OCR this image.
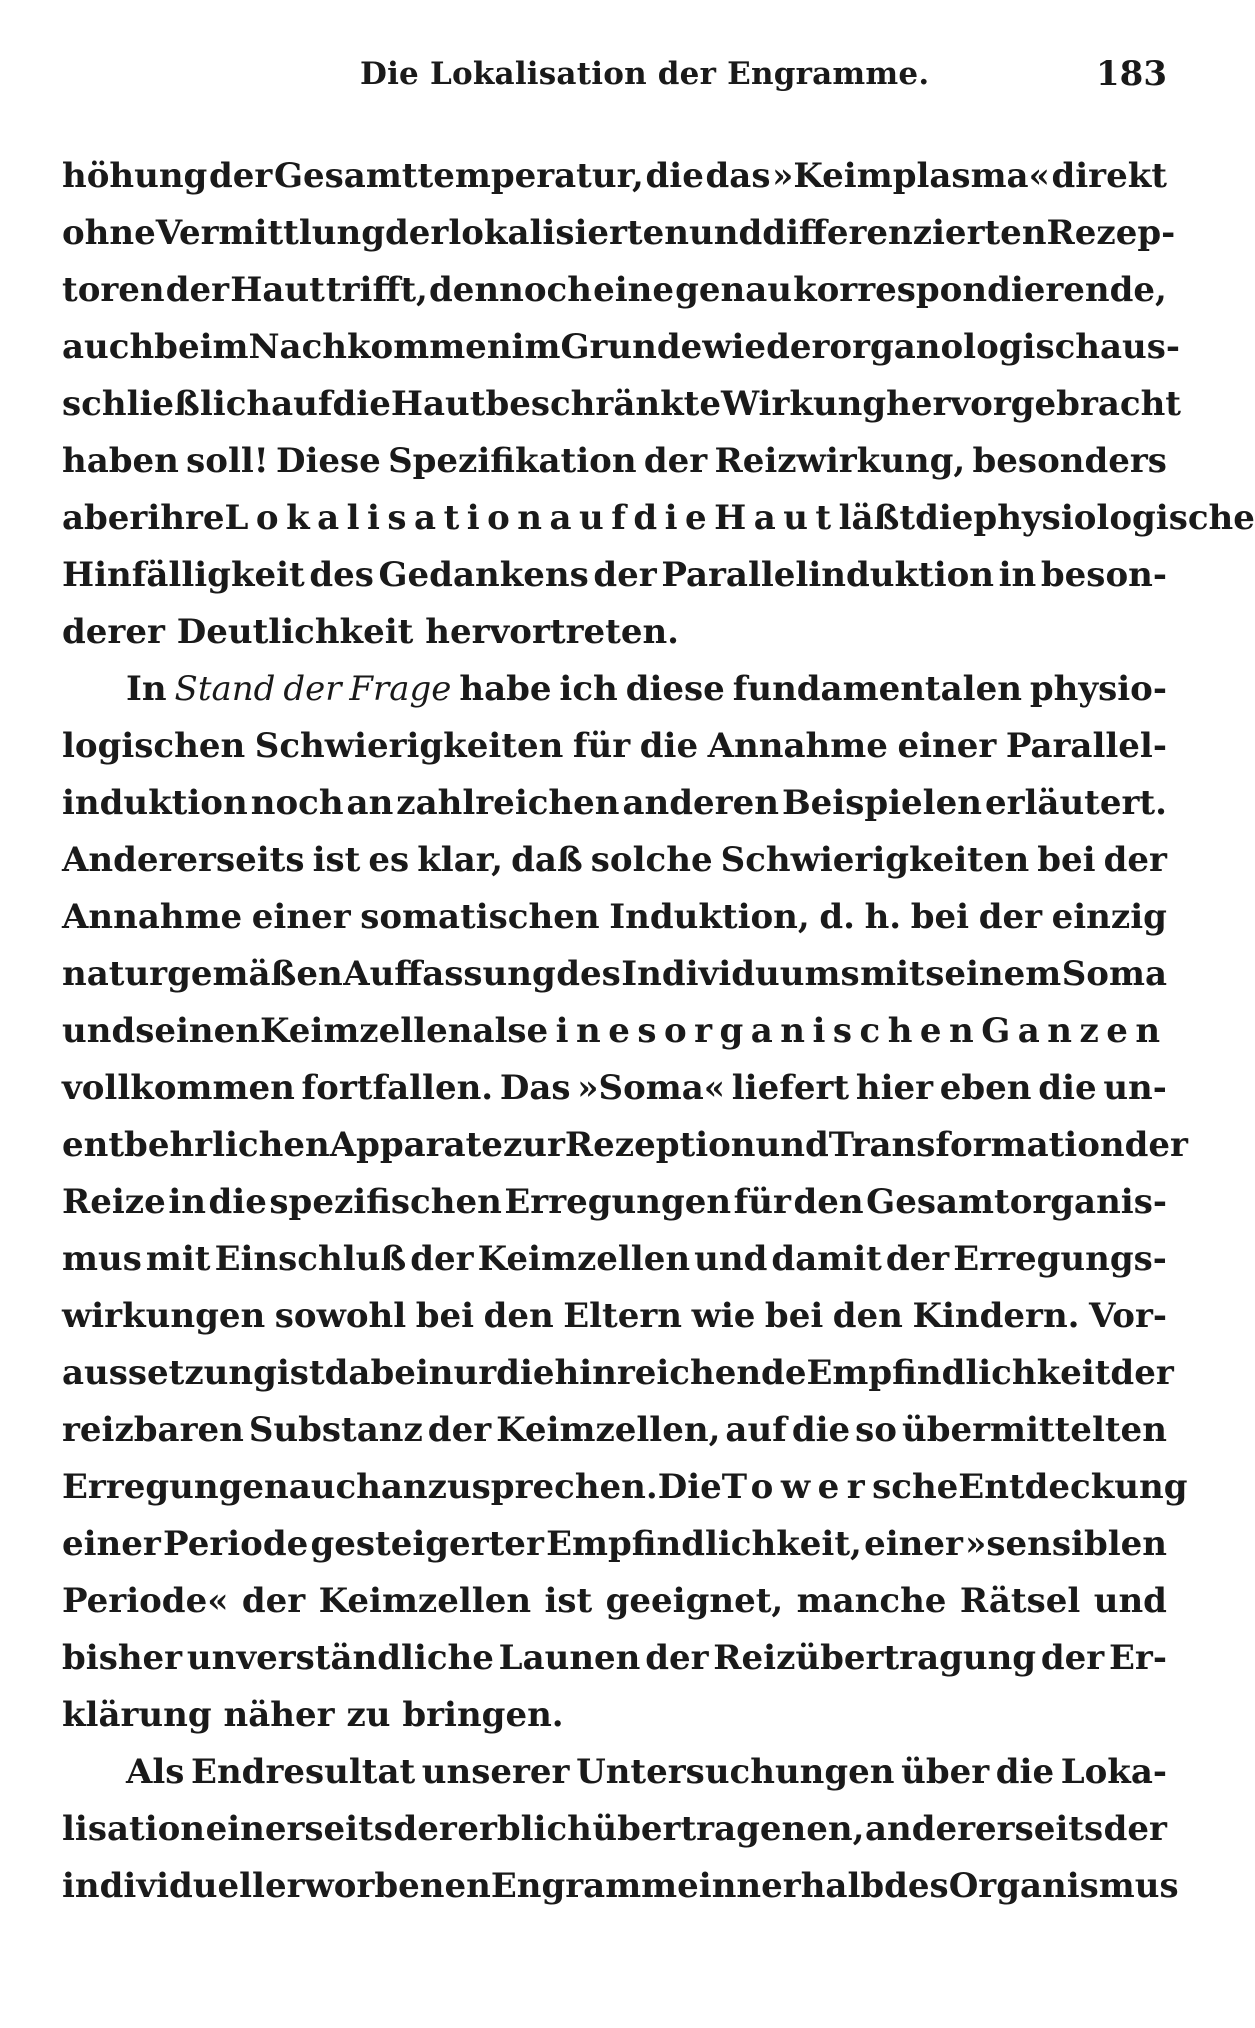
Die Lokalisation der Engramme.	183
höhung der Gesamttemperatur, die das »Keimplasma« direkt
ohne Vermittlung der lokalisierten und differenzierten Rezep-
toren der Haut trifft, dennoch eine genau korrespondierende,
auch beim Nachkommen im Grunde wieder organologisch aus-
schließlich auf die Haut beschränkte Wirkung hervorgebracht
haben soll! Diese Spezifikation der Reizwirkung, besonders
aber ihre Lokalisation auf die Haut läßt die physiologische
Hinfälligkeit des Gedankens der Parallelinduktion in beson-
derer Deutlichkeit hervortreten.
In Stand der Frage habe ich diese fundamentalen physio-
logischen Schwierigkeiten für die Annahme einer Parallel-
induktion noch an zahlreichen anderen Beispielen erläutert.
Andererseits ist es klar, daß solche Schwierigkeiten bei der
Annahme einer somatischen Induktion, d. h. bei der einzig
naturgemäßen Auffassung des Individuums mit seinem Soma
und seinen Keimzellen als eines organischen Ganzen
vollkommen fortfallen. Das »Soma« liefert hier eben die un-
entbehrlichen Apparate zur Rezeption und Transformation der
Reize in die spezifischen Erregungen für den Gesamtorganis-
mus mit Einschluß der Keimzellen und damit der Erregungs-
wirkungen sowohl bei den Eltern wie bei den Kindern. Vor-
aussetzung ist dabei nur die hinreichende Empfindlichkeit der
reizbaren Substanz der Keimzellen, auf die so übermittelten
Erregungen auch anzusprechen. Die Towersche Entdeckung
einer Periode gesteigerter Empfindlichkeit, einer »sensiblen
Periode« der Keimzellen ist geeignet, manche Rätsel und
bisher unverständliche Launen der Reizübertragung der Er-
klärung näher zu bringen.
Als Endresultat unserer Untersuchungen über die Loka-
lisation einerseits der erblich übertragenen, andererseits der
individuell erworbenen Engramme innerhalb des Organismus
